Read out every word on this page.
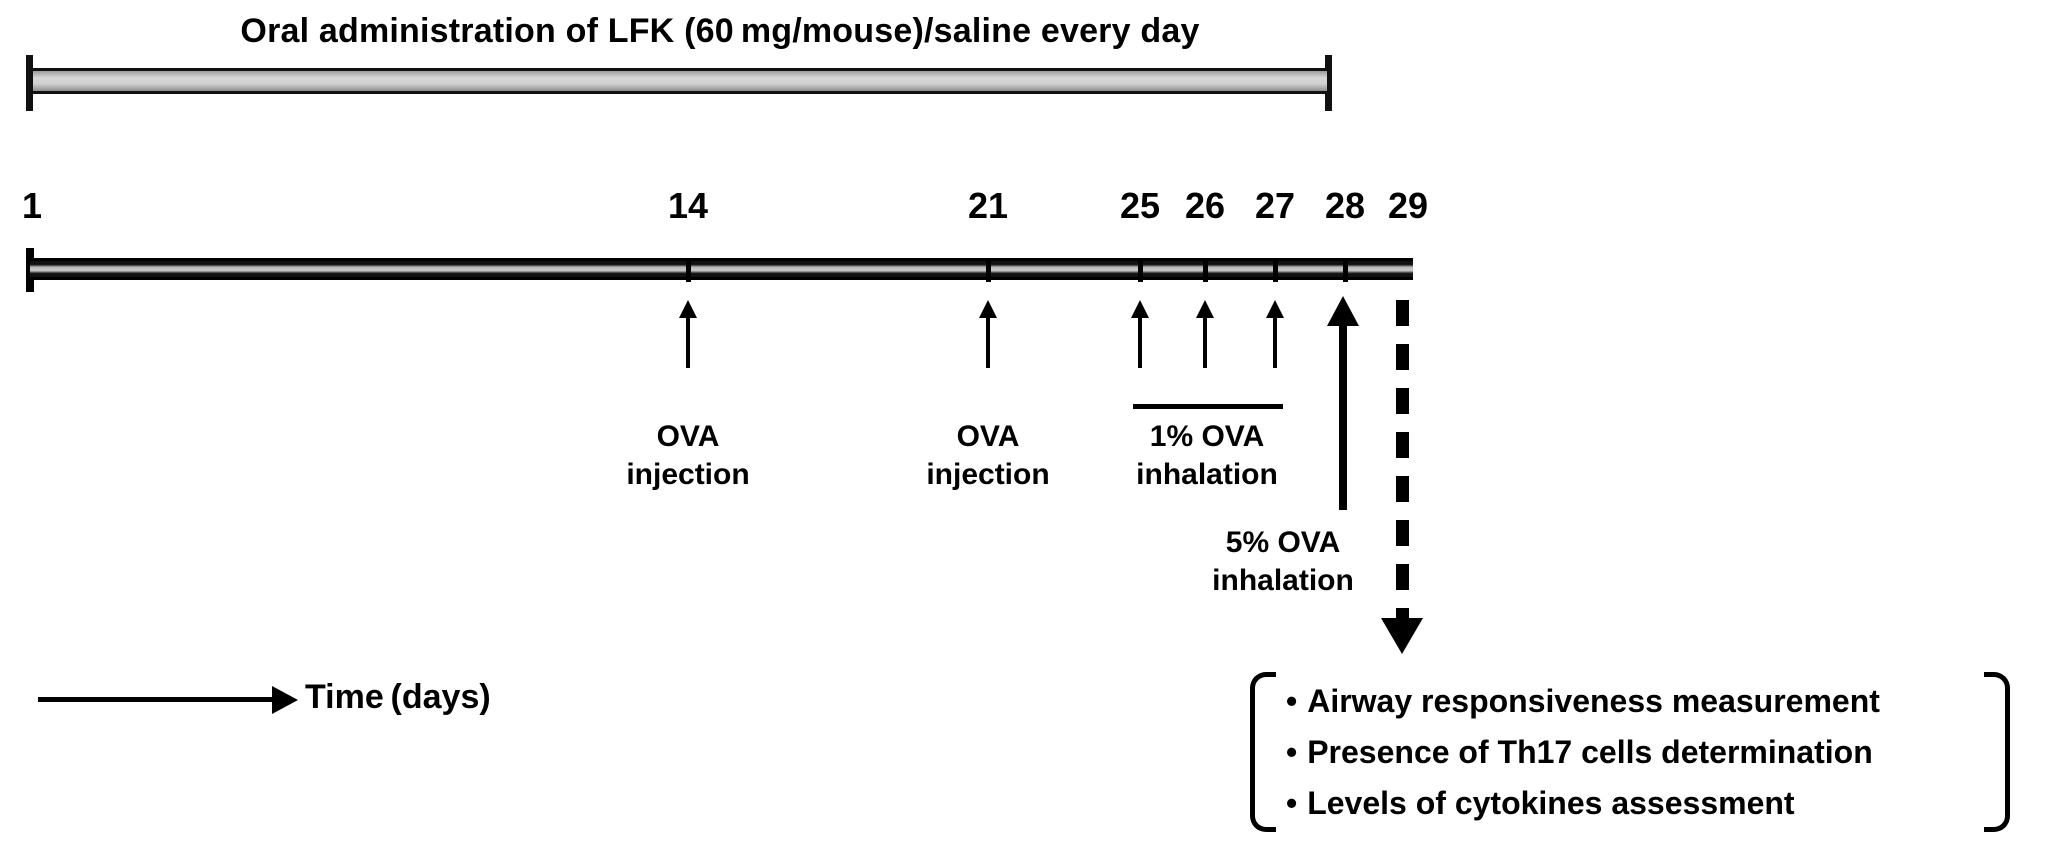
Oral administration of LFK (60 mg/mouse)/saline every day
1	14	21	25 26 27 28 29
OVA
injection
OVA
injection
1% OVA
inhalation
5% OVA
inhalation
Time (days)	• Airway responsiveness measurement
• Presence of Th17 cells determination
• Levels of cytokines assessment
